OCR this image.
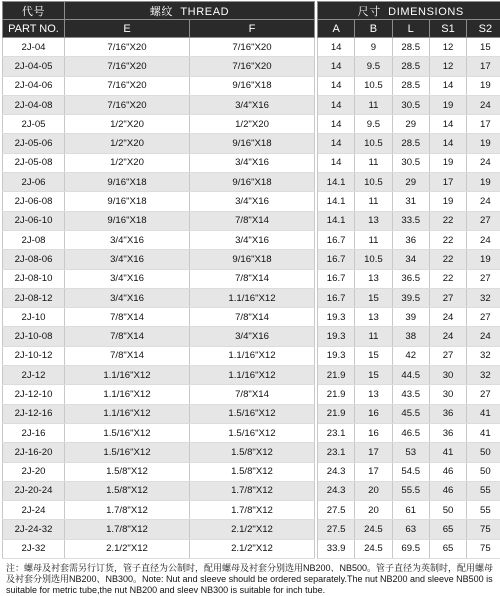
代号	螺纹 THREAD			尺寸 DIMENSIONS				
PART NO.	E	F		A	B	L	S1	S2
2J-04	7/16"X20	7/16"X20		14	9	28.5	12	15
2J-04-05	7/16"X20	7/16"X20		14	9.5	28.5	12	17
2J-04-06	7/16"X20	9/16"X18		14	10.5	28.5	14	19
2J-04-08	7/16"X20	3/4"X16		14	11	30.5	19	24
2J-05	1/2"X20	1/2"X20		14	9.5	29	14	17
2J-05-06	1/2"X20	9/16"X18		14	10.5	28.5	14	19
2J-05-08	1/2"X20	3/4"X16		14	11	30.5	19	24
2J-06	9/16"X18	9/16"X18		14.1	10.5	29	17	19
2J-06-08	9/16"X18	3/4"X16		14.1	11	31	19	24
2J-06-10	9/16"X18	7/8"X14		14.1	13	33.5	22	27
2J-08	3/4"X16	3/4"X16		16.7	11	36	22	24
2J-08-06	3/4"X16	9/16"X18		16.7	10.5	34	22	19
2J-08-10	3/4"X16	7/8"X14		16.7	13	36.5	22	27
2J-08-12	3/4"X16	1.1/16"X12		16.7	15	39.5	27	32
2J-10	7/8"X14	7/8"X14		19.3	13	39	24	27
2J-10-08	7/8"X14	3/4"X16		19.3	11	38	24	24
2J-10-12	7/8"X14	1.1/16"X12		19.3	15	42	27	32
2J-12	1.1/16"X12	1.1/16"X12		21.9	15	44.5	30	32
2J-12-10	1.1/16"X12	7/8"X14		21.9	13	43.5	30	27
2J-12-16	1.1/16"X12	1.5/16"X12		21.9	16	45.5	36	41
2J-16	1.5/16"X12	1.5/16"X12		23.1	16	46.5	36	41
2J-16-20	1.5/16"X12	1.5/8"X12		23.1	17	53	41	50
2J-20	1.5/8"X12	1.5/8"X12		24.3	17	54.5	46	50
2J-20-24	1.5/8"X12	1.7/8"X12		24.3	20	55.5	46	55
2J-24	1.7/8"X12	1.7/8"X12		27.5	20	61	50	55
2J-24-32	1.7/8"X12	2.1/2"X12		27.5	24.5	63	65	75
2J-32	2.1/2"X12	2.1/2"X12		33.9	24.5	69.5	65	75
注：螺母及衬套需另行订货，管子直径为公制时，配用螺母及衬套分别选用NB200、NB500。管子直径为英制时，配用螺母及衬套分别选用NB200、NB300。Note: Nut and sleeve should be ordered separately.The nut NB200 and sleeve NB500 is suitable for metric tube,the nut NB200 and sleev NB300 is suitable for inch tube.
